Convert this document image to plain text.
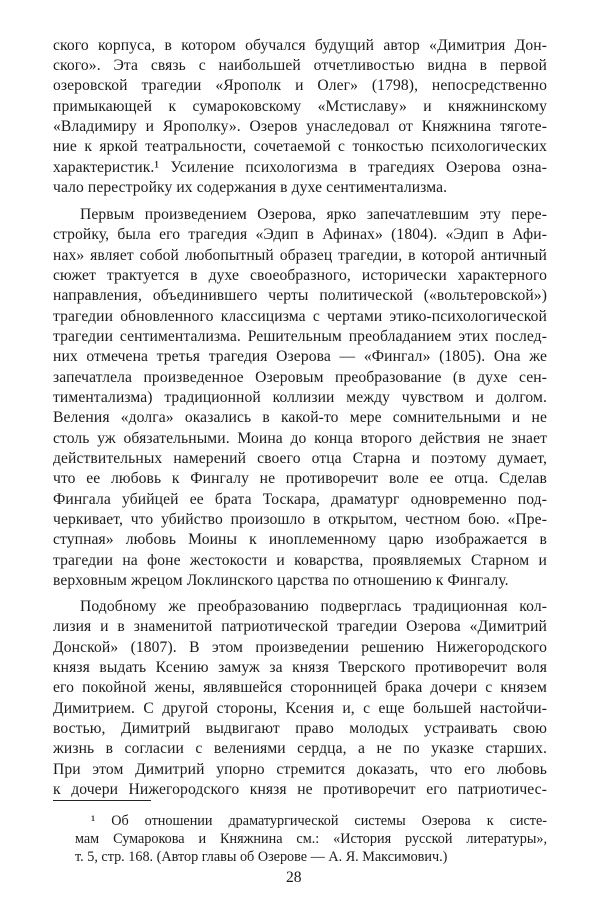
ского корпуса, в котором обучался будущий автор «Димитрия Дон-
ского». Эта связь с наибольшей отчетливостью видна в первой
озеровской трагедии «Ярополк и Олег» (1798), непосредственно
примыкающей к сумароковскому «Мстиславу» и княжнинскому
«Владимиру и Ярополку». Озеров унаследовал от Княжнина тяготе-
ние к яркой театральности, сочетаемой с тонкостью психологических
характеристик.¹ Усиление психологизма в трагедиях Озерова озна-
чало перестройку их содержания в духе сентиментализма.
Первым произведением Озерова, ярко запечатлевшим эту пере-
стройку, была его трагедия «Эдип в Афинах» (1804). «Эдип в Афи-
нах» являет собой любопытный образец трагедии, в которой античный
сюжет трактуется в духе своеобразного, исторически характерного
направления, объединившего черты политической («вольтеровской»)
трагедии обновленного классицизма с чертами этико-психологической
трагедии сентиментализма. Решительным преобладанием этих послед-
них отмечена третья трагедия Озерова — «Фингал» (1805). Она же
запечатлела произведенное Озеровым преобразование (в духе сен-
тиментализма) традиционной коллизии между чувством и долгом.
Веления «долга» оказались в какой-то мере сомнительными и не
столь уж обязательными. Моина до конца второго действия не знает
действительных намерений своего отца Старна и поэтому думает,
что ее любовь к Фингалу не противоречит воле ее отца. Сделав
Фингала убийцей ее брата Тоскара, драматург одновременно под-
черкивает, что убийство произошло в открытом, честном бою. «Пре-
ступная» любовь Моины к иноплеменному царю изображается в
трагедии на фоне жестокости и коварства, проявляемых Старном и
верховным жрецом Локлинского царства по отношению к Фингалу.
Подобному же преобразованию подверглась традиционная кол-
лизия и в знаменитой патриотической трагедии Озерова «Димитрий
Донской» (1807). В этом произведении решению Нижегородского
князя выдать Ксению замуж за князя Тверского противоречит воля
его покойной жены, являвшейся сторонницей брака дочери с князем
Димитрием. С другой стороны, Ксения и, с еще большей настойчи-
востью, Димитрий выдвигают право молодых устраивать свою
жизнь в согласии с велениями сердца, а не по указке старших.
При этом Димитрий упорно стремится доказать, что его любовь
к дочери Нижегородского князя не противоречит его патриотичес-
¹ Об отношении драматургической системы Озерова к систе-
мам Сумарокова и Княжнина см.: «История русской литературы»,
т. 5, стр. 168. (Автор главы об Озерове — А. Я. Максимович.)
28
